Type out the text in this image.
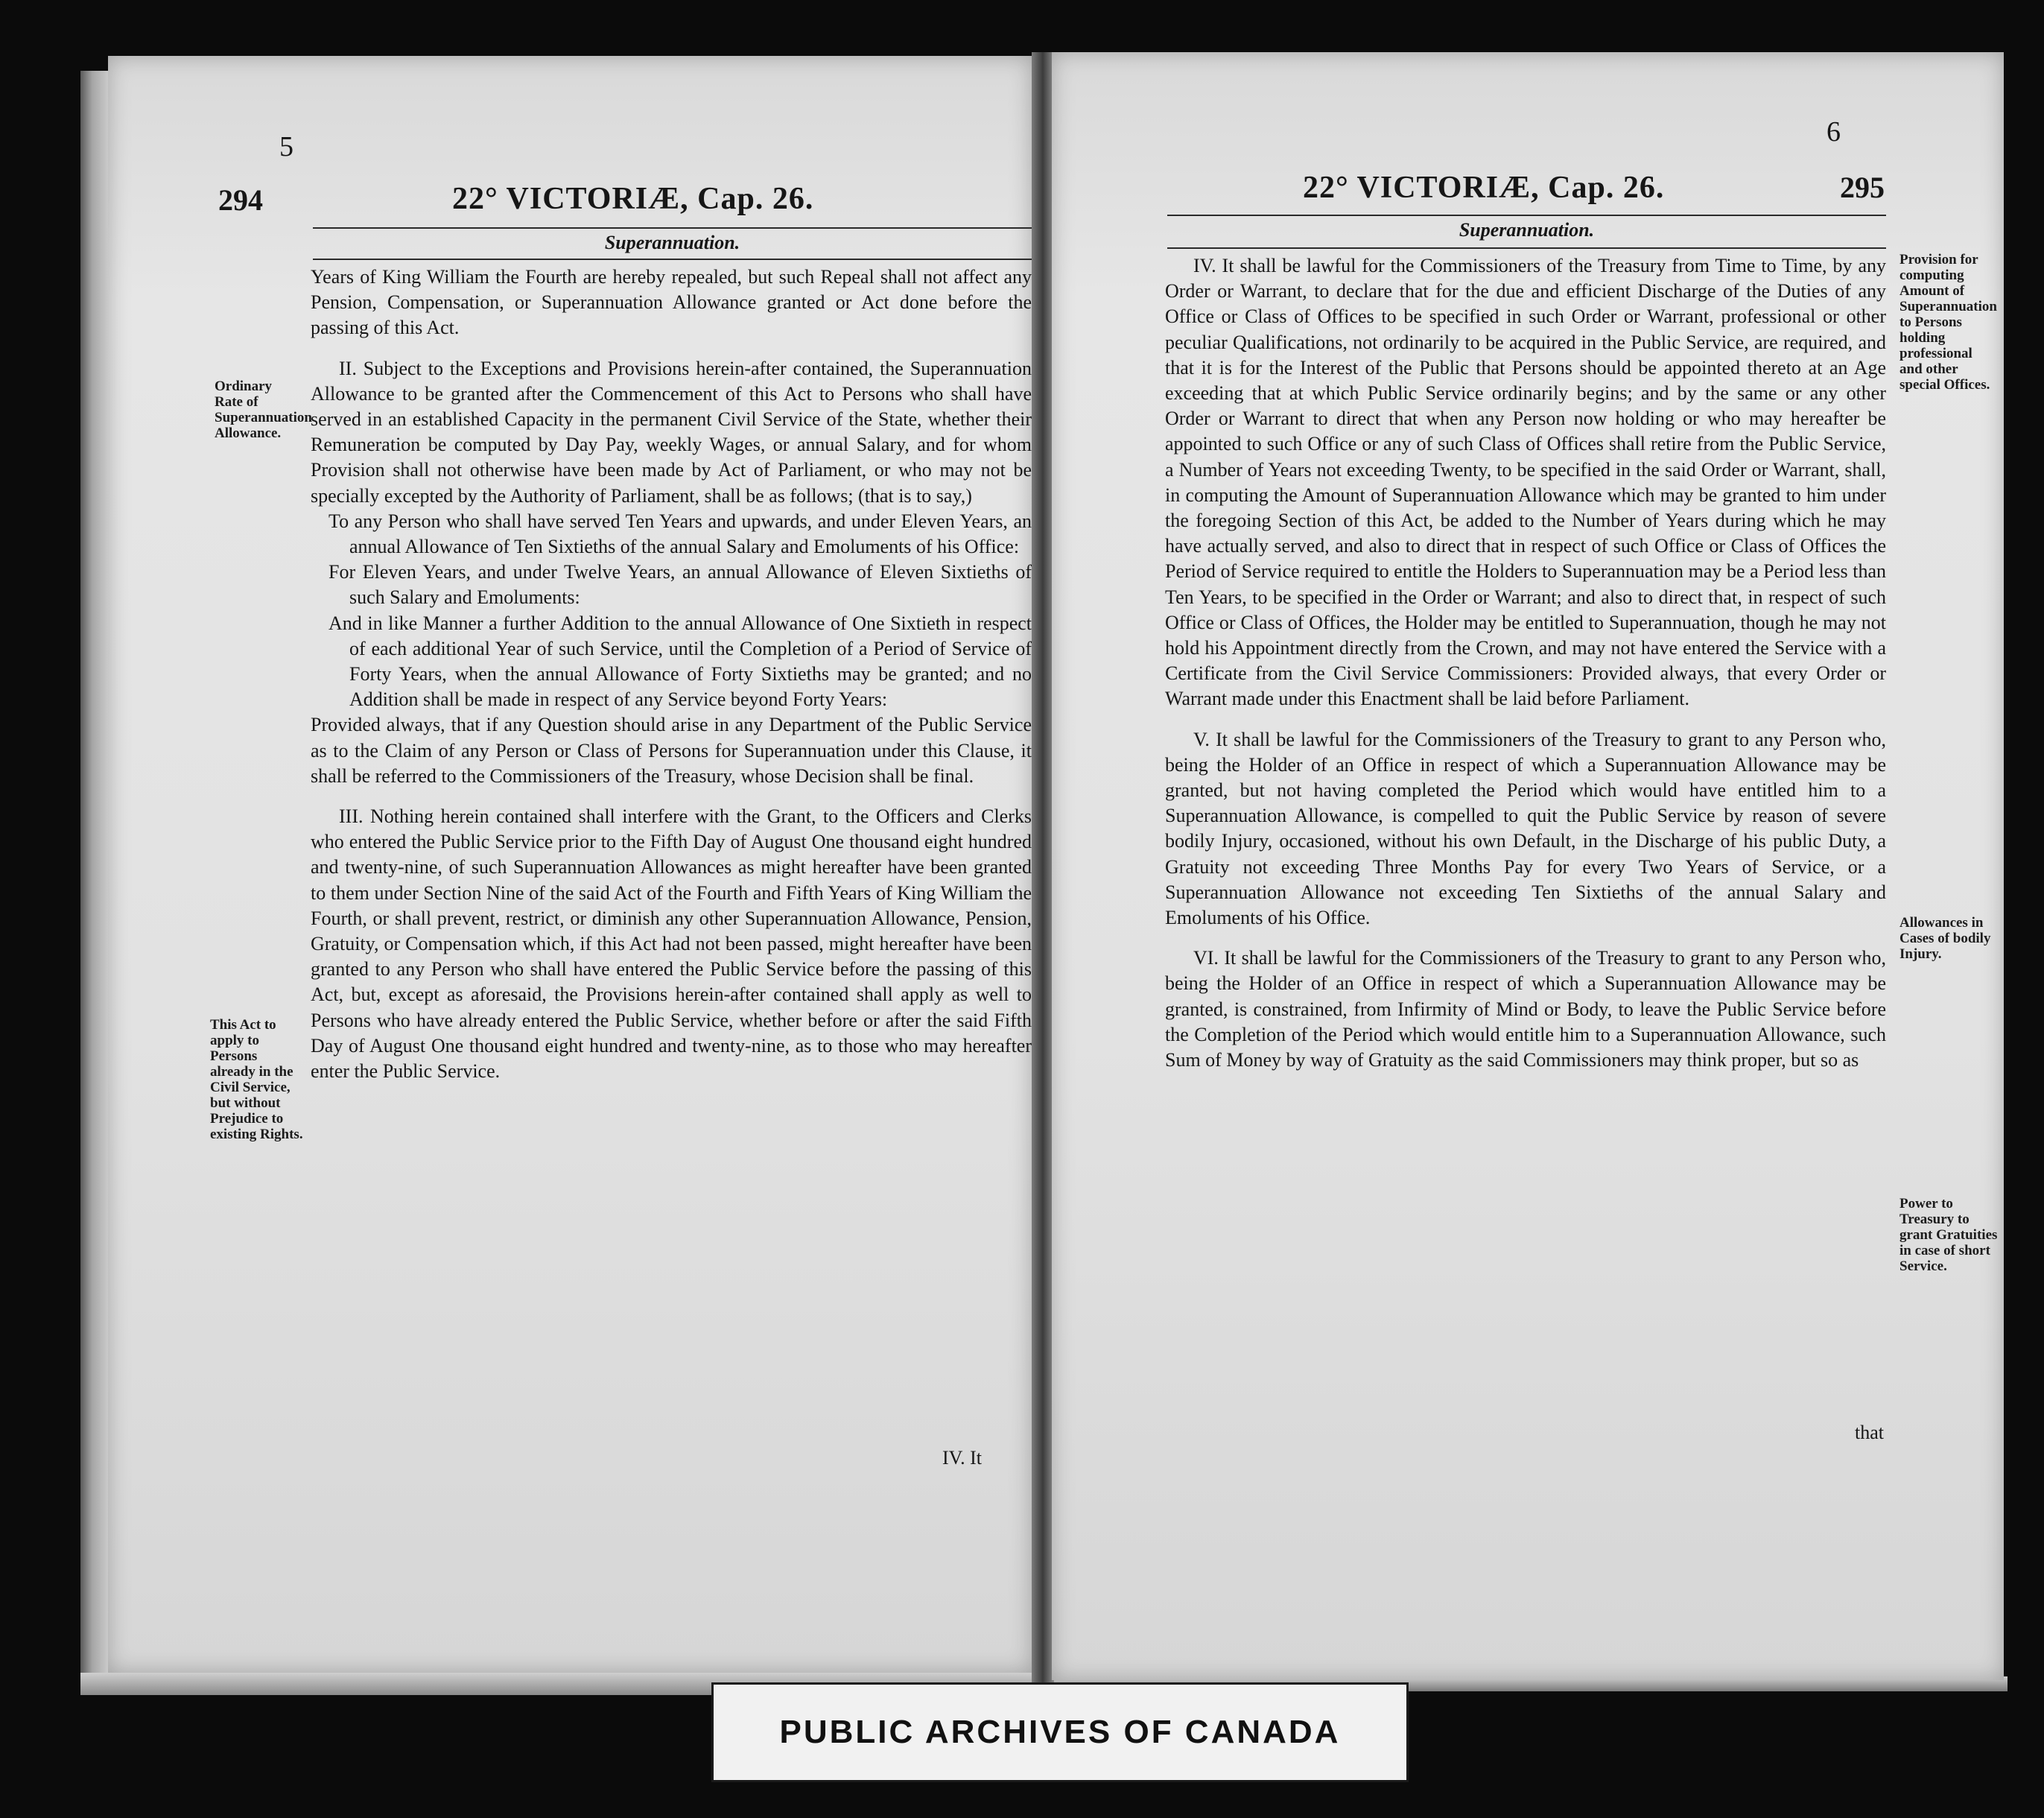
5
294	22° VICTORIÆ, Cap. 26.
Superannuation.
Ordinary Rate of Superannuation Allowance.
This Act to apply to Persons already in the Civil Service, but without Prejudice to existing Rights.

Years of King William the Fourth are hereby repealed, but such Repeal shall not affect any Pension, Compensation, or Superannuation Allowance granted or Act done before the passing of this Act.

II. Subject to the Exceptions and Provisions herein-after contained, the Superannuation Allowance to be granted after the Commencement of this Act to Persons who shall have served in an established Capacity in the permanent Civil Service of the State, whether their Remuneration be computed by Day Pay, weekly Wages, or annual Salary, and for whom Provision shall not otherwise have been made by Act of Parliament, or who may not be specially excepted by the Authority of Parliament, shall be as follows; (that is to say,)

To any Person who shall have served Ten Years and upwards, and under Eleven Years, an annual Allowance of Ten Sixtieths of the annual Salary and Emoluments of his Office:

For Eleven Years, and under Twelve Years, an annual Allowance of Eleven Sixtieths of such Salary and Emoluments:

And in like Manner a further Addition to the annual Allowance of One Sixtieth in respect of each additional Year of such Service, until the Completion of a Period of Service of Forty Years, when the annual Allowance of Forty Sixtieths may be granted; and no Addition shall be made in respect of any Service beyond Forty Years:

Provided always, that if any Question should arise in any Department of the Public Service as to the Claim of any Person or Class of Persons for Superannuation under this Clause, it shall be referred to the Commissioners of the Treasury, whose Decision shall be final.

III. Nothing herein contained shall interfere with the Grant, to the Officers and Clerks who entered the Public Service prior to the Fifth Day of August One thousand eight hundred and twenty-nine, of such Superannuation Allowances as might hereafter have been granted to them under Section Nine of the said Act of the Fourth and Fifth Years of King William the Fourth, or shall prevent, restrict, or diminish any other Superannuation Allowance, Pension, Gratuity, or Compensation which, if this Act had not been passed, might hereafter have been granted to any Person who shall have entered the Public Service before the passing of this Act, but, except as aforesaid, the Provisions herein-after contained shall apply as well to Persons who have already entered the Public Service, whether before or after the said Fifth Day of August One thousand eight hundred and twenty-nine, as to those who may hereafter enter the Public Service.

IV. It
6
22° VICTORIÆ, Cap. 26.	295
Superannuation.

IV. It shall be lawful for the Commissioners of the Treasury from Time to Time, by any Order or Warrant, to declare that for the due and efficient Discharge of the Duties of any Office or Class of Offices to be specified in such Order or Warrant, professional or other peculiar Qualifications, not ordinarily to be acquired in the Public Service, are required, and that it is for the Interest of the Public that Persons should be appointed thereto at an Age exceeding that at which Public Service ordinarily begins; and by the same or any other Order or Warrant to direct that when any Person now holding or who may hereafter be appointed to such Office or any of such Class of Offices shall retire from the Public Service, a Number of Years not exceeding Twenty, to be specified in the said Order or Warrant, shall, in computing the Amount of Superannuation Allowance which may be granted to him under the foregoing Section of this Act, be added to the Number of Years during which he may have actually served, and also to direct that in respect of such Office or Class of Offices the Period of Service required to entitle the Holders to Superannuation may be a Period less than Ten Years, to be specified in the Order or Warrant; and also to direct that, in respect of such Office or Class of Offices, the Holder may be entitled to Superannuation, though he may not hold his Appointment directly from the Crown, and may not have entered the Service with a Certificate from the Civil Service Commissioners: Provided always, that every Order or Warrant made under this Enactment shall be laid before Parliament.

V. It shall be lawful for the Commissioners of the Treasury to grant to any Person who, being the Holder of an Office in respect of which a Superannuation Allowance may be granted, but not having completed the Period which would have entitled him to a Superannuation Allowance, is compelled to quit the Public Service by reason of severe bodily Injury, occasioned, without his own Default, in the Discharge of his public Duty, a Gratuity not exceeding Three Months Pay for every Two Years of Service, or a Superannuation Allowance not exceeding Ten Sixtieths of the annual Salary and Emoluments of his Office.

VI. It shall be lawful for the Commissioners of the Treasury to grant to any Person who, being the Holder of an Office in respect of which a Superannuation Allowance may be granted, is constrained, from Infirmity of Mind or Body, to leave the Public Service before the Completion of the Period which would entitle him to a Superannuation Allowance, such Sum of Money by way of Gratuity as the said Commissioners may think proper, but so as

that
Provision for computing Amount of Superannuation to Persons holding professional and other special Offices.
Allowances in Cases of bodily Injury.
Power to Treasury to grant Gratuities in case of short Service.
PUBLIC ARCHIVES OF CANADA
